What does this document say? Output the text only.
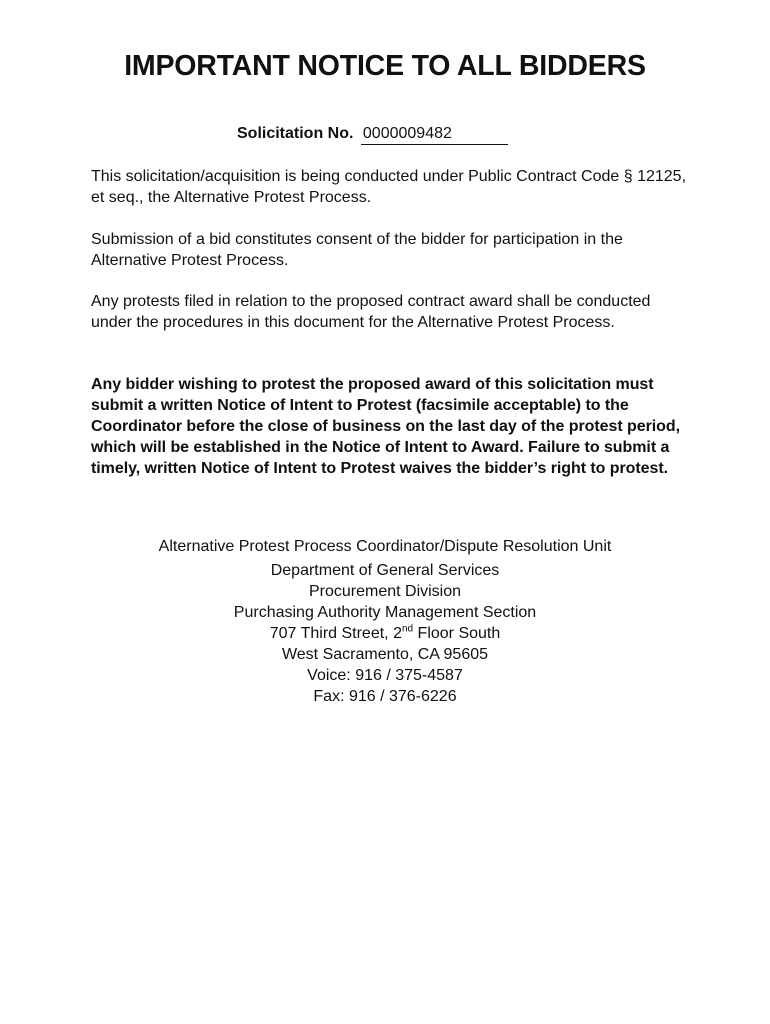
IMPORTANT NOTICE TO ALL BIDDERS
Solicitation No. 0000009482

This solicitation/acquisition is being conducted under Public Contract Code § 12125, et seq., the Alternative Protest Process.

Submission of a bid constitutes consent of the bidder for participation in the Alternative Protest Process.

Any protests filed in relation to the proposed contract award shall be conducted under the procedures in this document for the Alternative Protest Process.

Any bidder wishing to protest the proposed award of this solicitation must submit a written Notice of Intent to Protest (facsimile acceptable) to the Coordinator before the close of business on the last day of the protest period, which will be established in the Notice of Intent to Award. Failure to submit a timely, written Notice of Intent to Protest waives the bidder’s right to protest.

Alternative Protest Process Coordinator/Dispute Resolution Unit
Department of General Services
Procurement Division
Purchasing Authority Management Section
707 Third Street, 2nd Floor South
West Sacramento, CA 95605
Voice: 916 / 375-4587
Fax: 916 / 376-6226
